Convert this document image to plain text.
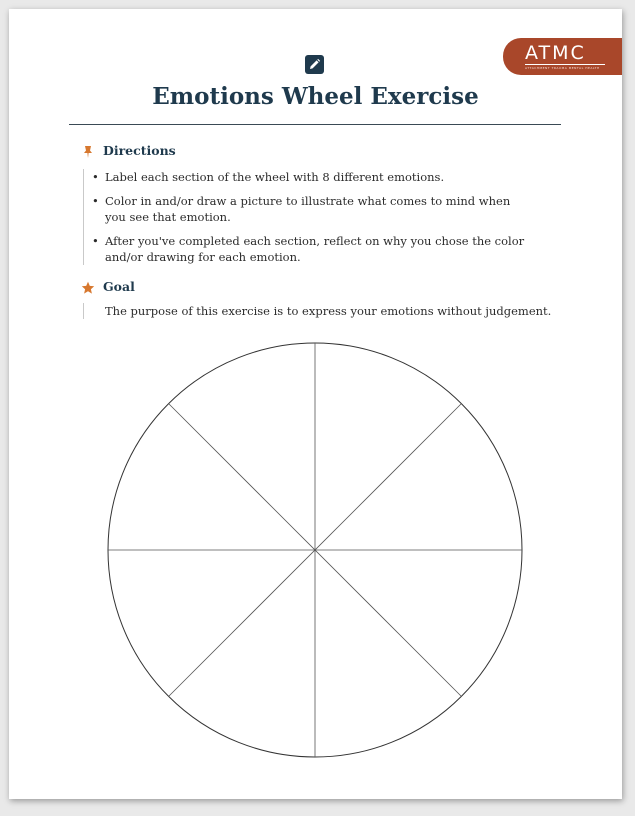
ATMC
ATTACHMENT TRAUMA MENTAL HEALTH
Emotions Wheel Exercise
Directions
• Label each section of the wheel with 8 different emotions.
• Color in and/or draw a picture to illustrate what comes to mind when you see that emotion.
• After you've completed each section, reflect on why you chose the color and/or drawing for each emotion.
Goal
The purpose of this exercise is to express your emotions without judgement.
